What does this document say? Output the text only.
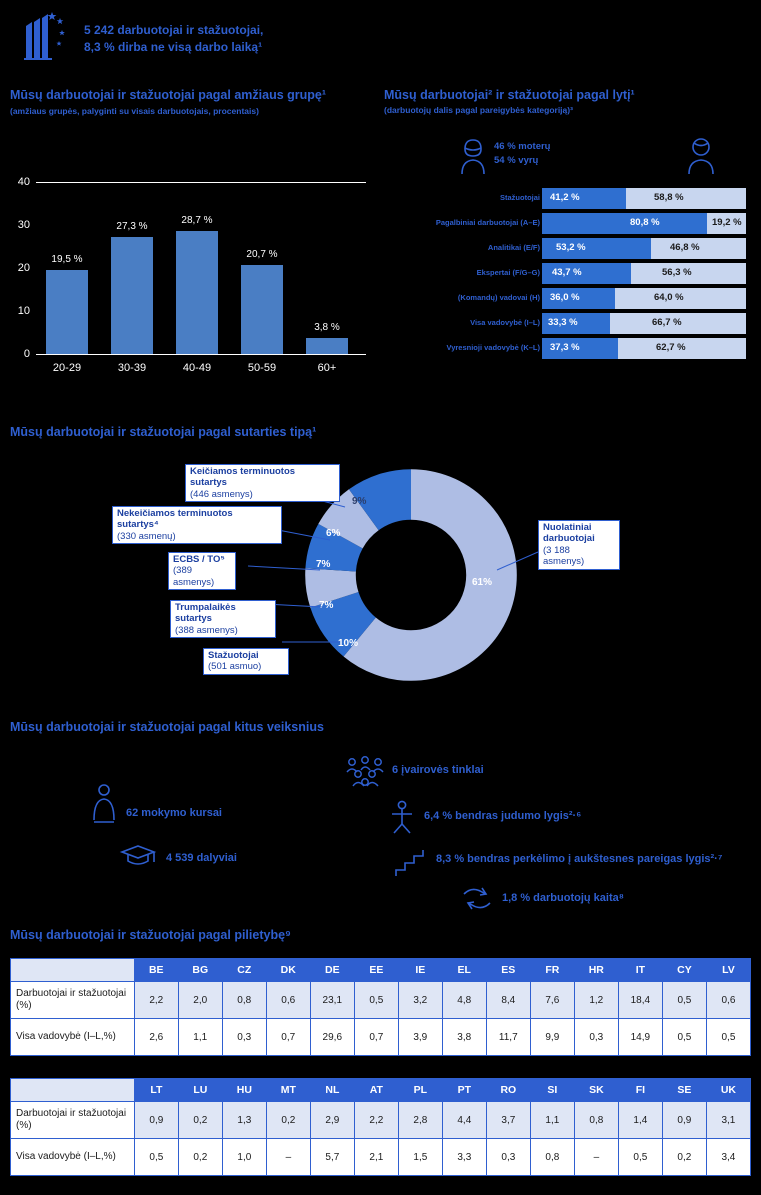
5 242 darbuotojai ir stažuotojai,
8,3 % dirba ne visą darbo laiką¹
Mūsų darbuotojai ir stažuotojai pagal amžiaus grupę¹
(amžiaus grupės, palyginti su visais darbuotojais, procentais)
40
30
20
10
0
19,5 %
27,3 %
28,7 %
20,7 %
3,8 %
20-29	30-39	40-49	50-59	60+
Mūsų darbuotojai² ir stažuotojai pagal lytį¹
(darbuotojų dalis pagal pareigybės kategoriją)³
46 % moterų
54 % vyrų
Stažuotojai 41,2 %	58,8 %
Pagalbiniai darbuotojai (A–E)	80,8 %	19,2 %
Analitikai (E/F) 53,2 %	46,8 %
Ekspertai (F/G–G) 43,7 %	56,3 %
(Komandų) vadovai (H) 36,0 %	64,0 %
Visa vadovybė (I–L) 33,3 %	66,7 %
Vyresnioji vadovybė (K–L) 37,3 %	62,7 %
Mūsų darbuotojai ir stažuotojai pagal sutarties tipą¹
61%
9%
6%
7%
7%
10%
Keičiamos terminuotos
sutartys
(446 asmenys)
Nekeičiamos terminuotos
sutartys⁴
(330 asmenų)
ECBS / TO⁵
(389
asmenys)
Trumpalaikės
sutartys
(388 asmenys)
Stažuotojai
(501 asmuo)
Nuolatiniai
darbuotojai
(3 188
asmenys)
Mūsų darbuotojai ir stažuotojai pagal kitus veiksnius
62 mokymo kursai
4 539 dalyviai
6 įvairovės tinklai
6,4 % bendras judumo lygis²·⁶
8,3 % bendras perkėlimo į aukštesnes pareigas lygis²·⁷
1,8 % darbuotojų kaita⁸
Mūsų darbuotojai ir stažuotojai pagal pilietybę⁹
	BE	BG	CZ	DK	DE	EE	IE	EL	ES	FR	HR	IT	CY	LV
Darbuotojai ir stažuotojai (%)	2,2	2,0	0,8	0,6	23,1	0,5	3,2	4,8	8,4	7,6	1,2	18,4	0,5	0,6
Visa vadovybė (I–L,%)	2,6	1,1	0,3	0,7	29,6	0,7	3,9	3,8	11,7	9,9	0,3	14,9	0,5	0,5
	LT	LU	HU	MT	NL	AT	PL	PT	RO	SI	SK	FI	SE	UK
Darbuotojai ir stažuotojai (%)	0,9	0,2	1,3	0,2	2,9	2,2	2,8	4,4	3,7	1,1	0,8	1,4	0,9	3,1
Visa vadovybė (I–L,%)	0,5	0,2	1,0	–	5,7	2,1	1,5	3,3	0,3	0,8	–	0,5	0,2	3,4
